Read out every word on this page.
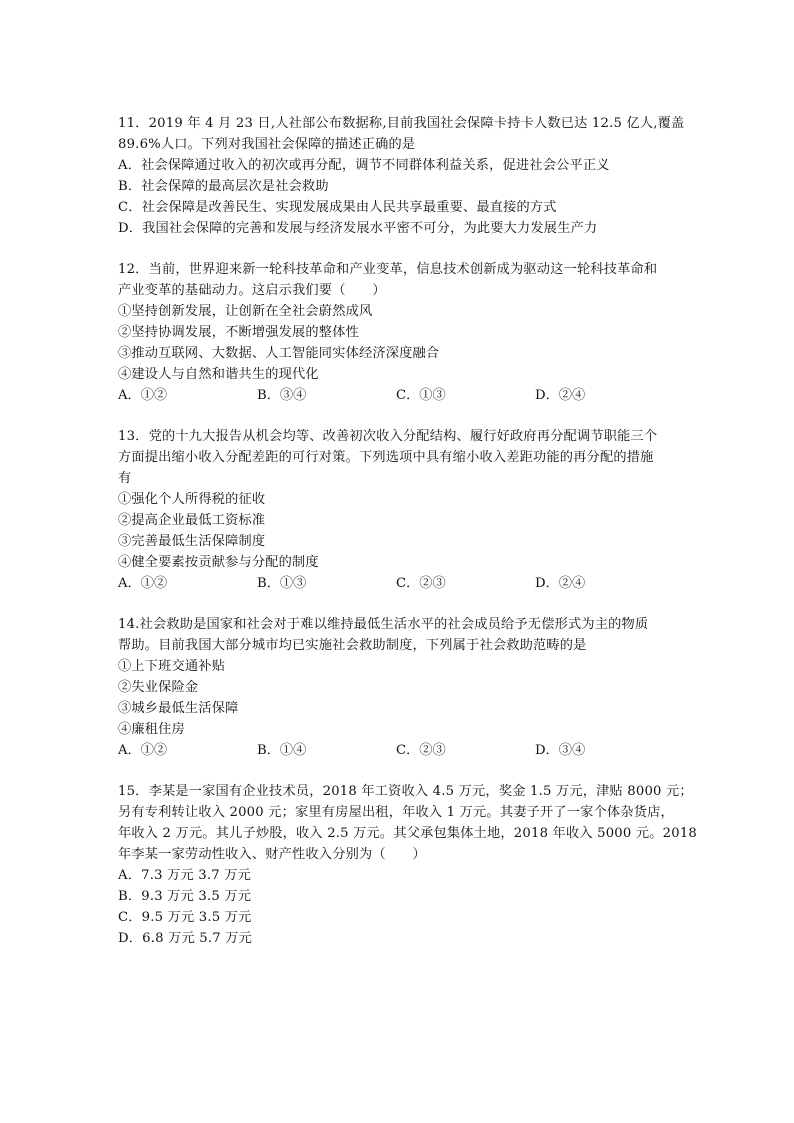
11．2019 年 4 月 23 日,人社部公布数据称,目前我国社会保障卡持卡人数已达 12.5 亿人,覆盖
89.6%人口。下列对我国社会保障的描述正确的是
A．社会保障通过收入的初次或再分配，调节不同群体利益关系，促进社会公平正义
B．社会保障的最高层次是社会救助
C．社会保障是改善民生、实现发展成果由人民共享最重要、最直接的方式
D．我国社会保障的完善和发展与经济发展水平密不可分，为此要大力发展生产力
12．当前，世界迎来新一轮科技革命和产业变革，信息技术创新成为驱动这一轮科技革命和
产业变革的基础动力。这启示我们要（　　）
①坚持创新发展，让创新在全社会蔚然成风
②坚持协调发展，不断增强发展的整体性
③推动互联网、大数据、人工智能同实体经济深度融合
④建设人与自然和谐共生的现代化
A．①②	B．③④	C．①③	D．②④
13．党的十九大报告从机会均等、改善初次收入分配结构、履行好政府再分配调节职能三个
方面提出缩小收入分配差距的可行对策。下列选项中具有缩小收入差距功能的再分配的措施
有
①强化个人所得税的征收
②提高企业最低工资标准
③完善最低生活保障制度
④健全要素按贡献参与分配的制度
A．①②	B．①③	C．②③	D．②④
14.社会救助是国家和社会对于难以维持最低生活水平的社会成员给予无偿形式为主的物质
帮助。目前我国大部分城市均已实施社会救助制度，下列属于社会救助范畴的是
①上下班交通补贴
②失业保险金
③城乡最低生活保障
④廉租住房
A．①②	B．①④	C．②③	D．③④
15．李某是一家国有企业技术员，2018 年工资收入 4.5 万元，奖金 1.5 万元，津贴 8000 元；
另有专利转让收入 2000 元；家里有房屋出租，年收入 1 万元。其妻子开了一家个体杂货店，
年收入 2 万元。其儿子炒股，收入 2.5 万元。其父承包集体土地，2018 年收入 5000 元。2018
年李某一家劳动性收入、财产性收入分别为（　　）
A．7.3 万元 3.7 万元
B．9.3 万元 3.5 万元
C．9.5 万元 3.5 万元
D．6.8 万元 5.7 万元
